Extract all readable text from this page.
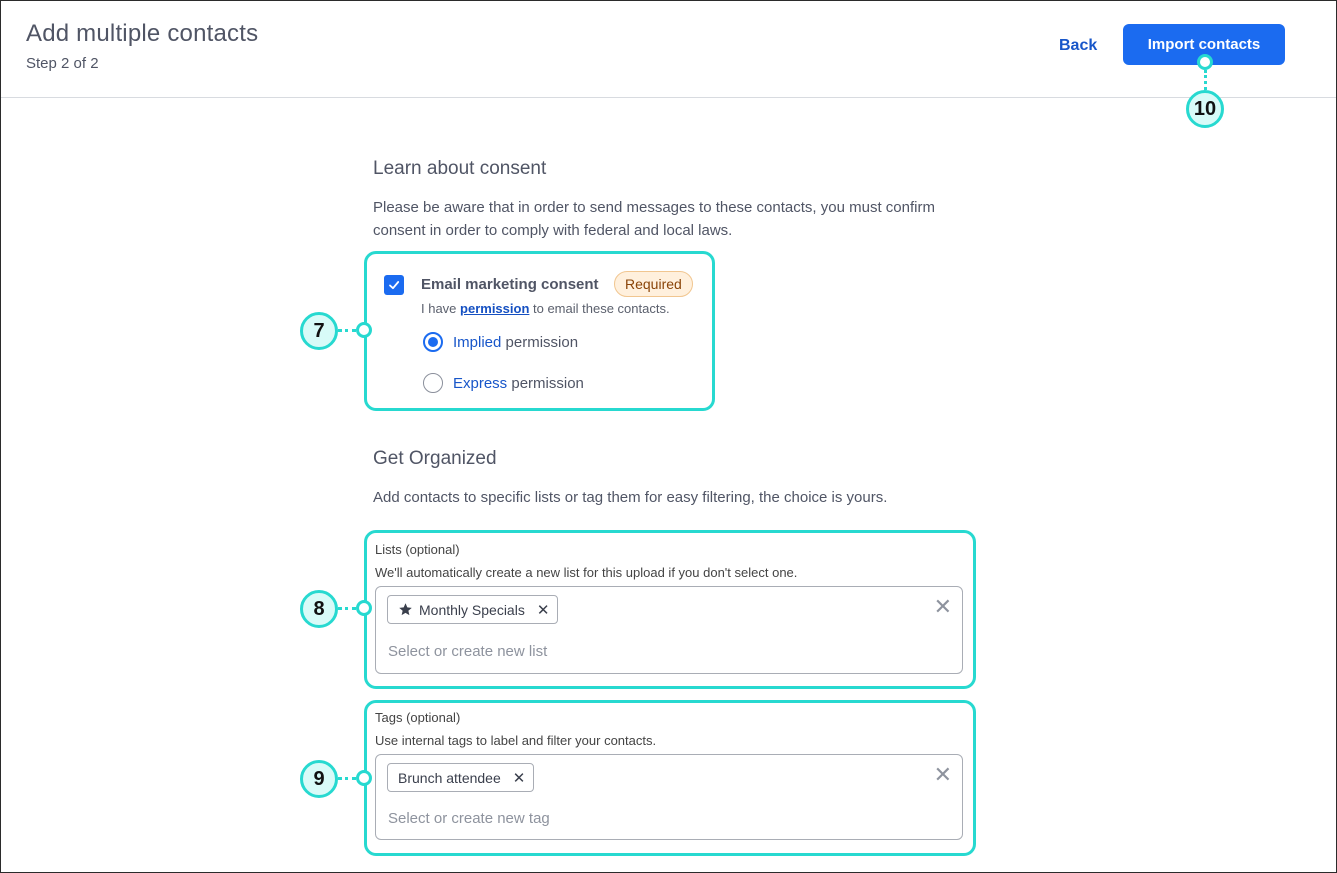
Add multiple contacts
Step 2 of 2
Back	Import contacts
10
Learn about consent
Please be aware that in order to send messages to these contacts, you must confirm consent in order to comply with federal and local laws.
7
Email marketing consent	Required
I have permission to email these contacts.
Implied permission
Express permission
Get Organized
Add contacts to specific lists or tag them for easy filtering, the choice is yours.
8
Lists (optional)
We'll automatically create a new list for this upload if you don't select one.
Monthly Specials ✕
Select or create new list	✕
9
Tags (optional)
Use internal tags to label and filter your contacts.
Brunch attendee ✕
Select or create new tag	✕
